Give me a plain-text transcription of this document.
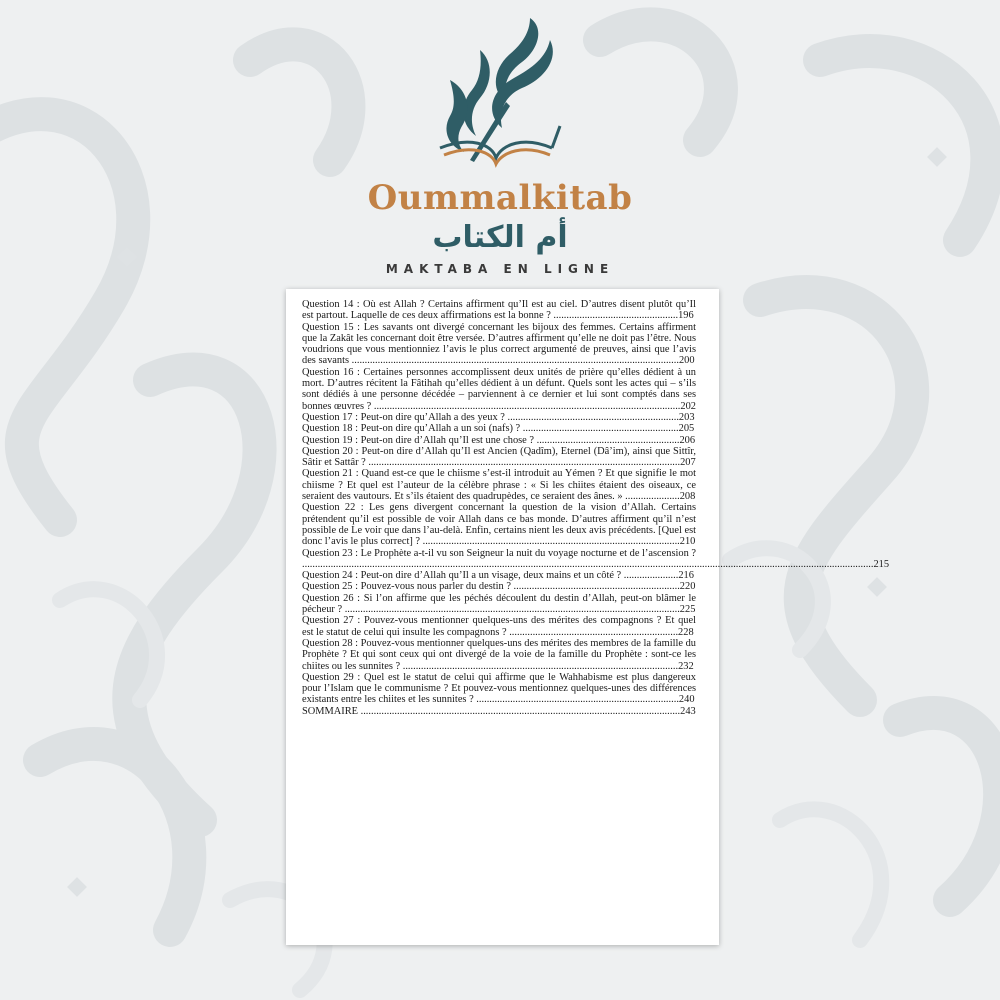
Oummalkitab
أم الكتاب
MAKTABA EN LIGNE
Question 14 : Où est Allah ? Certains affirment qu’Il est au ciel. D’autres disent plutôt qu’Il est partout. Laquelle de ces deux affirmations est la bonne ? ................................................196
Question 15 : Les savants ont divergé concernant les bijoux des femmes. Certains affirment que la Zakât les concernant doit être versée. D’autres affirment qu’elle ne doit pas l’être. Nous voudrions que vous mentionniez l’avis le plus correct argumenté de preuves, ainsi que l’avis des savants ..............................................................................................................................200
Question 16 : Certaines personnes accomplissent deux unités de prière qu’elles dédient à un mort. D’autres récitent la Fâtihah qu’elles dédient à un défunt. Quels sont les actes qui – s’ils sont dédiés à une personne décédée – parviennent à ce dernier et lui sont comptés dans ses bonnes œuvres ? ......................................................................................................................202
Question 17 : Peut-on dire qu’Allah a des yeux ? ..................................................................203
Question 18 : Peut-on dire qu’Allah a un soi (nafs) ? ............................................................205
Question 19 : Peut-on dire d’Allah qu’Il est une chose ? .......................................................206
Question 20 : Peut-on dire d’Allah qu’Il est Ancien (Qadîm), Eternel (Dâ’im), ainsi que Sittîr, Sâtir et Sattâr ? ........................................................................................................................207
Question 21 : Quand est-ce que le chiisme s’est-il introduit au Yémen ? Et que signifie le mot chiisme ? Et quel est l’auteur de la célèbre phrase : « Si les chiites étaient des oiseaux, ce seraient des vautours. Et s’ils étaient des quadrupèdes, ce seraient des ânes. » .....................208
Question 22 : Les gens divergent concernant la question de la vision d’Allah. Certains prétendent qu’il est possible de voir Allah dans ce bas monde. D’autres affirment qu’il n’est possible de Le voir que dans l’au-delà. Enfin, certains nient les deux avis précédents. [Quel est donc l’avis le plus correct] ? ...................................................................................................210
Question 23 : Le Prophète a-t-il vu son Seigneur la nuit du voyage nocturne et de l’ascension ? ............................................................................................................................................................................................................................215
Question 24 : Peut-on dire d’Allah qu’Il a un visage, deux mains et un côté ? .....................216
Question 25 : Pouvez-vous nous parler du destin ? ................................................................220
Question 26 : Si l’on affirme que les péchés découlent du destin d’Allah, peut-on blâmer le pécheur ? .................................................................................................................................225
Question 27 : Pouvez-vous mentionner quelques-uns des mérites des compagnons ? Et quel est le statut de celui qui insulte les compagnons ? .................................................................228
Question 28 : Pouvez-vous mentionner quelques-uns des mérites des membres de la famille du Prophète ? Et qui sont ceux qui ont divergé de la voie de la famille du Prophète : sont-ce les chiites ou les sunnites ? ..........................................................................................................232
Question 29 : Quel est le statut de celui qui affirme que le Wahhabisme est plus dangereux pour l’Islam que le communisme ? Et pouvez-vous mentionnez quelques-unes des différences existants entre les chiites et les sunnites ? ..............................................................................240
SOMMAIRE ...........................................................................................................................243
